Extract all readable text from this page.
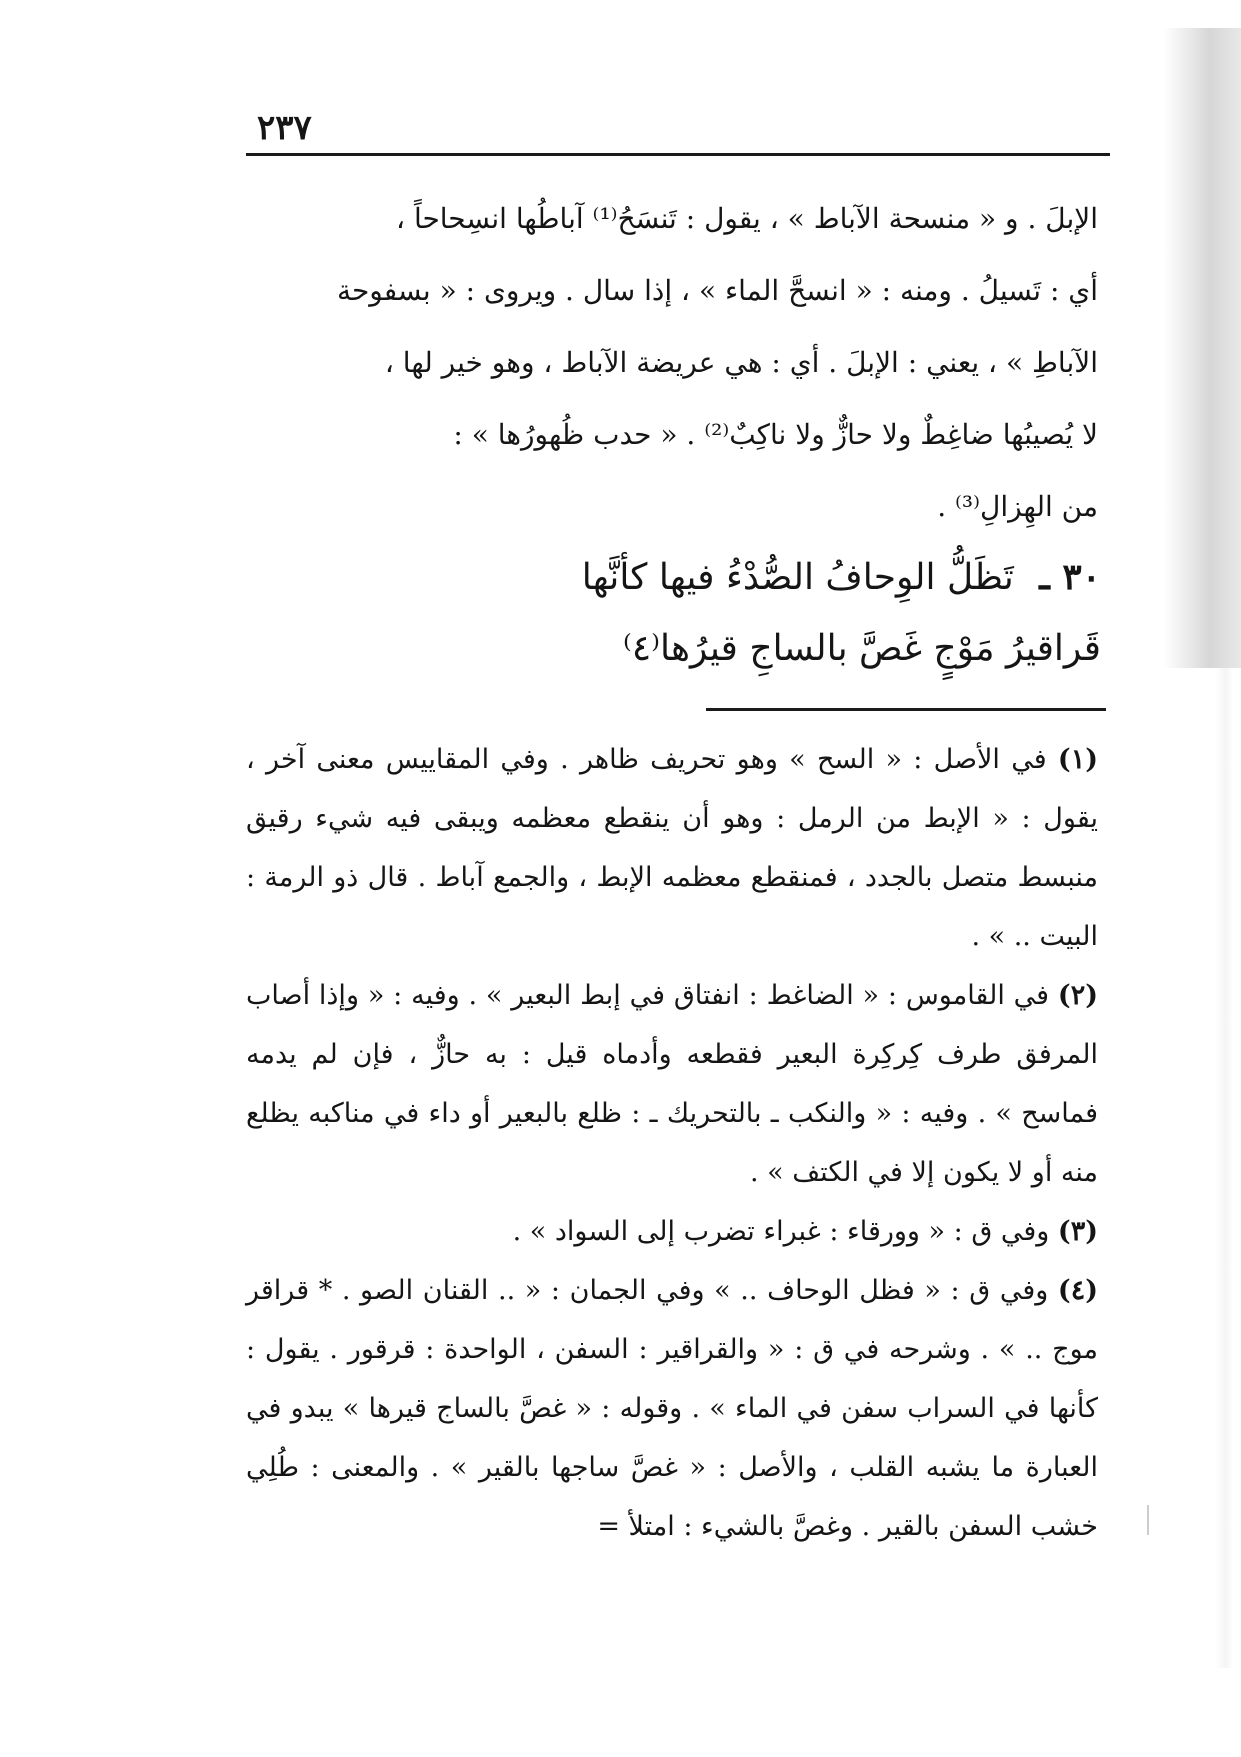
٢٣٧

الإبلَ . و « منسحة الآباط » ، يقول : تَنسَحُ⁽¹⁾ آباطُها انسِحاحاً ،

أي : تَسيلُ . ومنه : « انسحَّ الماء » ، إذا سال . ويروى : « بسفوحة

الآباطِ » ، يعني : الإبلَ . أي : هي عريضة الآباط ، وهو خير لها ،

لا يُصيبُها ضاغِطٌ ولا حازٌّ ولا ناكِبٌ⁽²⁾ . « حدب ظُهورُها » :

من الهِزالِ⁽³⁾ .

٣٠ ـ تَظَلُّ الوِحافُ الصُّدْءُ فيها كأنَّها
قَراقيرُ مَوْجٍ غَصَّ بالساجِ قيرُها⁽٤⁾

(١) في الأصل : « السح » وهو تحريف ظاهر . وفي المقاييس معنى آخر ، يقول : « الإبط من الرمل : وهو أن ينقطع معظمه ويبقى فيه شيء رقيق منبسط متصل بالجدد ، فمنقطع معظمه الإبط ، والجمع آباط . قال ذو الرمة : البيت .. » .

(٢) في القاموس : « الضاغط : انفتاق في إبط البعير » . وفيه : « وإذا أصاب المرفق طرف كِركِرة البعير فقطعه وأدماه قيل : به حازٌّ ، فإن لم يدمه فماسح » . وفيه : « والنكب ـ بالتحريك ـ : ظلع بالبعير أو داء في مناكبه يظلع منه أو لا يكون إلا في الكتف » .

(٣) وفي ق : « وورقاء : غبراء تضرب إلى السواد » .

(٤) وفي ق : « فظل الوحاف .. » وفي الجمان : « .. القنان الصو . * قراقر موج .. » . وشرحه في ق : « والقراقير : السفن ، الواحدة : قرقور . يقول : كأنها في السراب سفن في الماء » . وقوله : « غصَّ بالساج قيرها » يبدو في العبارة ما يشبه القلب ، والأصل : « غصَّ ساجها بالقير » . والمعنى : طُلِي خشب السفن بالقير . وغصَّ بالشيء : امتلأ =
